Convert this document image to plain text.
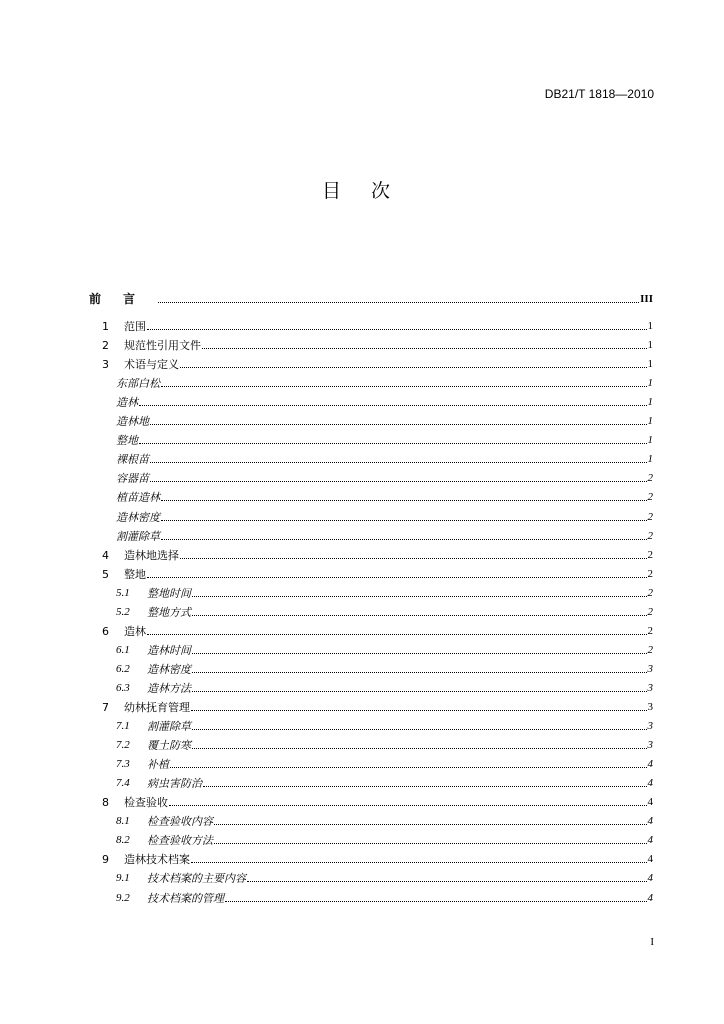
DB21/T 1818—2010
目 次
前言	III
1	范围	1
2	规范性引用文件	1
3	术语与定义	1
东部白松	1
造林	1
造林地	1
整地	1
裸根苗	1
容器苗	2
植苗造林	2
造林密度	2
割灌除草	2
4	造林地选择	2
5	整地	2
5.1	整地时间	2
5.2	整地方式	2
6	造林	2
6.1	造林时间	2
6.2	造林密度	3
6.3	造林方法	3
7	幼林抚育管理	3
7.1	割灌除草	3
7.2	覆土防寒	3
7.3	补植	4
7.4	病虫害防治	4
8	检查验收	4
8.1	检查验收内容	4
8.2	检查验收方法	4
9	造林技术档案	4
9.1	技术档案的主要内容	4
9.2	技术档案的管理	4
I
